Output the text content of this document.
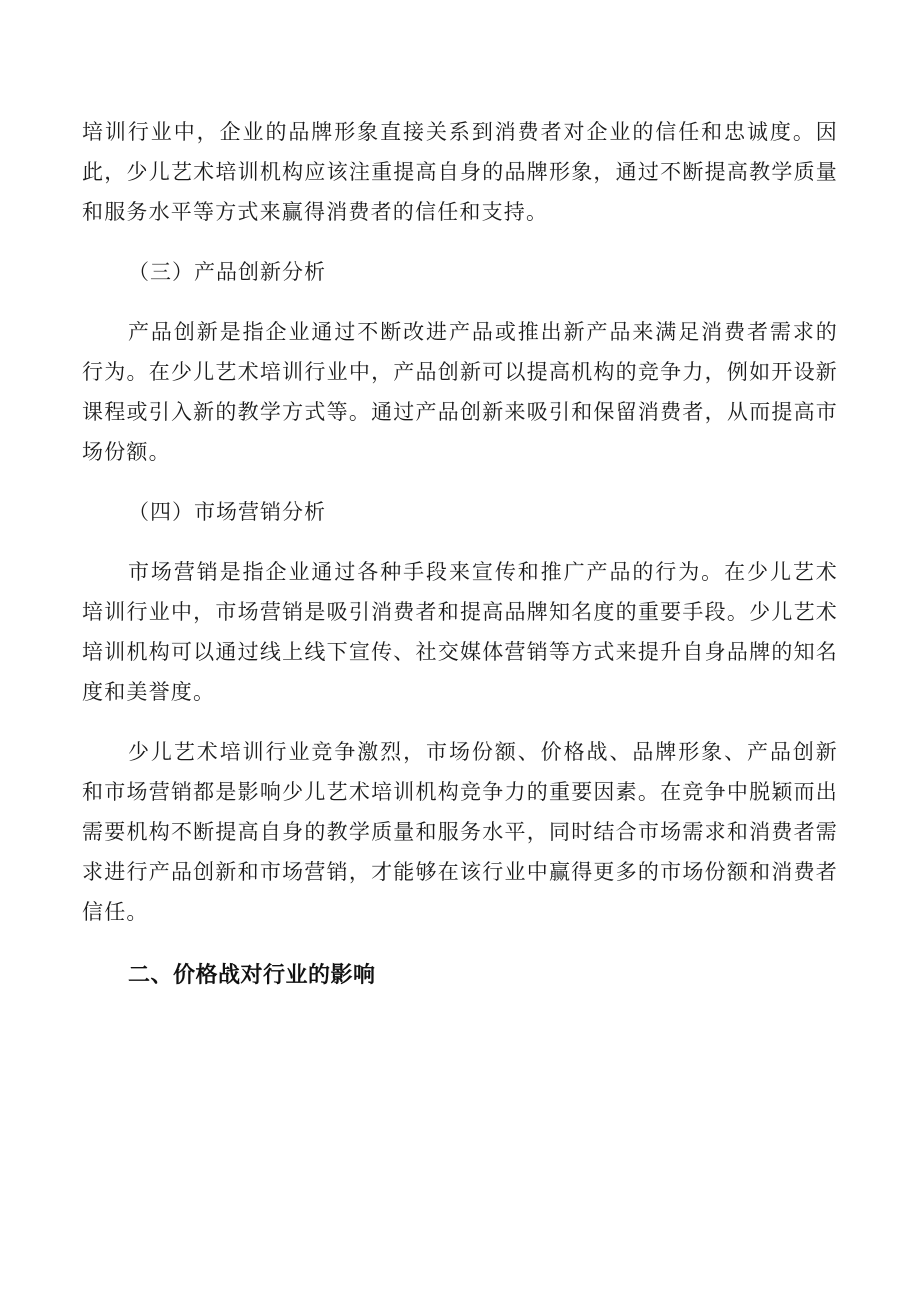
培训行业中，企业的品牌形象直接关系到消费者对企业的信任和忠诚度。因此，少儿艺术培训机构应该注重提高自身的品牌形象，通过不断提高教学质量和服务水平等方式来赢得消费者的信任和支持。

（三）产品创新分析

产品创新是指企业通过不断改进产品或推出新产品来满足消费者需求的行为。在少儿艺术培训行业中，产品创新可以提高机构的竞争力，例如开设新课程或引入新的教学方式等。通过产品创新来吸引和保留消费者，从而提高市场份额。

（四）市场营销分析

市场营销是指企业通过各种手段来宣传和推广产品的行为。在少儿艺术培训行业中，市场营销是吸引消费者和提高品牌知名度的重要手段。少儿艺术培训机构可以通过线上线下宣传、社交媒体营销等方式来提升自身品牌的知名度和美誉度。

少儿艺术培训行业竞争激烈，市场份额、价格战、品牌形象、产品创新和市场营销都是影响少儿艺术培训机构竞争力的重要因素。在竞争中脱颖而出需要机构不断提高自身的教学质量和服务水平，同时结合市场需求和消费者需求进行产品创新和市场营销，才能够在该行业中赢得更多的市场份额和消费者信任。

二、价格战对行业的影响
